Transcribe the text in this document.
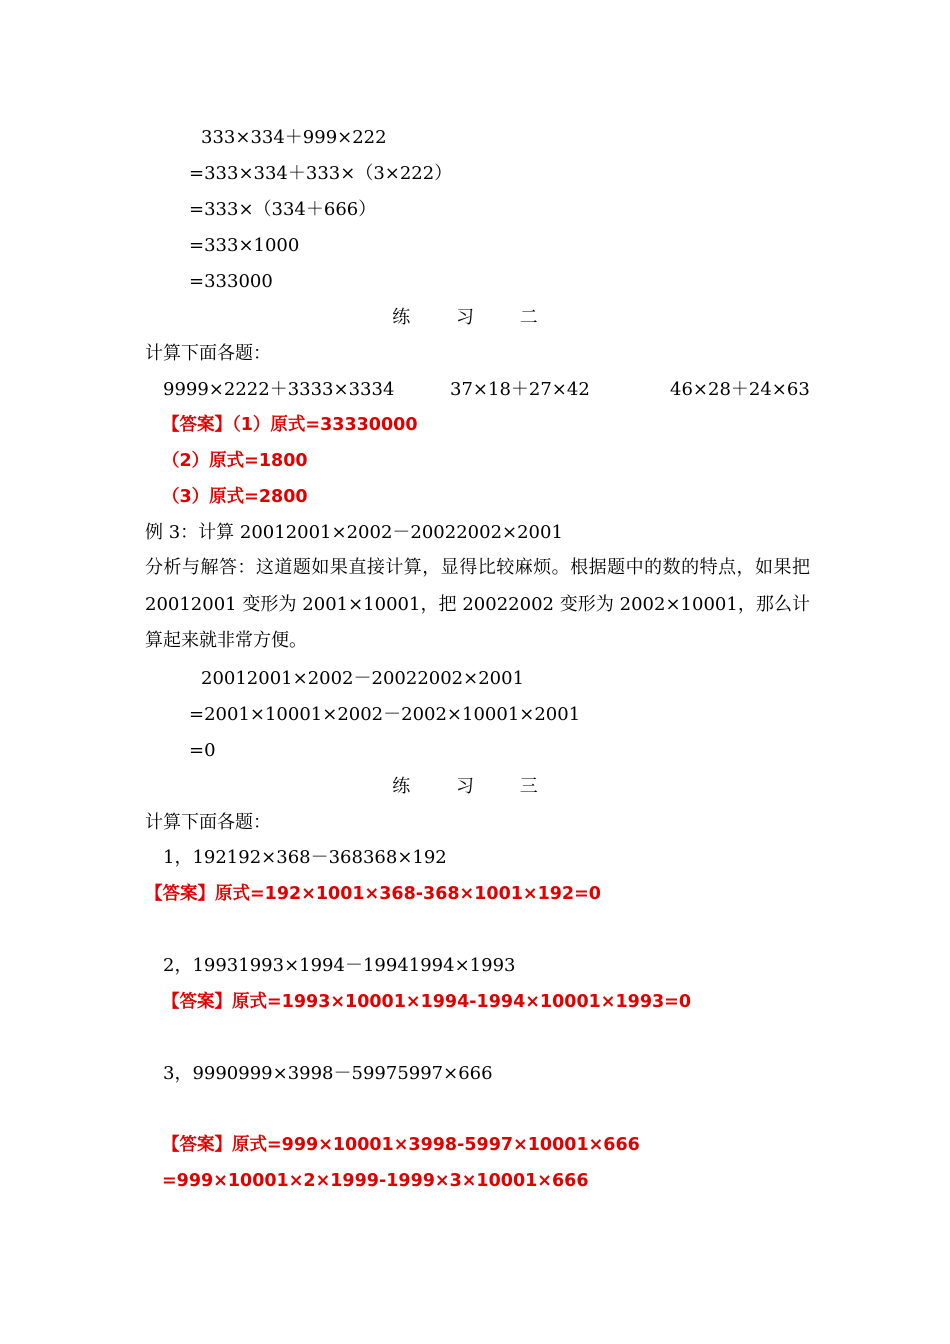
333×334＋999×222
=333×334＋333×（3×222）
=333×（334＋666）
=333×1000
=333000
练 习 二
计算下面各题：
9999×2222＋3333×3334	37×18＋27×42	46×28＋24×63
【答案】（1）原式=33330000
（2）原式=1800
（3）原式=2800
例 3：计算 20012001×2002－20022002×2001
分析与解答：这道题如果直接计算，显得比较麻烦。根据题中的数的特点，如果把 20012001 变形为 2001×10001，把 20022002 变形为 2002×10001，那么计算起来就非常方便。
20012001×2002－20022002×2001
=2001×10001×2002－2002×10001×2001
=0
练 习 三
计算下面各题：
1，192192×368－368368×192
【答案】原式=192×1001×368-368×1001×192=0
2，19931993×1994－19941994×1993
【答案】原式=1993×10001×1994-1994×10001×1993=0
3，9990999×3998－59975997×666
【答案】原式=999×10001×3998-5997×10001×666
=999×10001×2×1999-1999×3×10001×666
